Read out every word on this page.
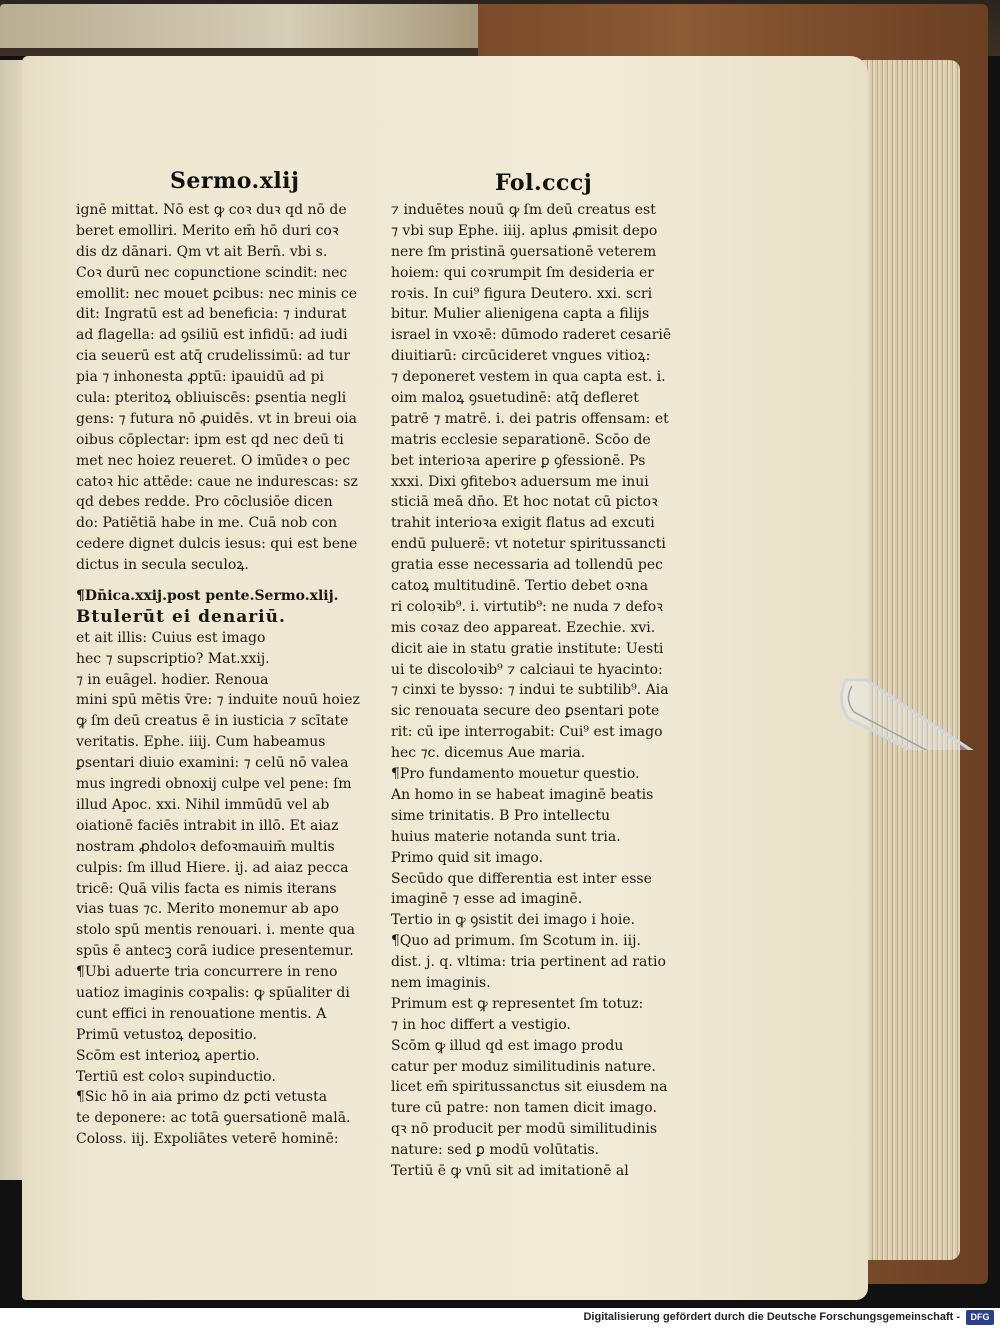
Sermo.xlij	Fol.cccj
ignē mittat. Nō est ꝙ coꝛ duꝛ qd nō de
beret emolliri. Merito em̄ hō duri coꝛ
dis dz dānari. Qm vt ait Bern̄. vbi s.
Coꝛ durū nec copunctione scindit: nec
emollit: nec mouet ꝑcibus: nec minis ce
dit: Ingratū est ad beneficia: ⁊ indurat
ad flagella: ad ꝯsiliū est infidū: ad iudi
cia seuerū est atq̄ crudelissimū: ad tur
pia ⁊ inhonesta ꝓptū: ipauidū ad pi
cula: pteritoꝝ obliuiscēs: ꝑsentia negli
gens: ⁊ futura nō ꝓuidēs. vt in breui oia
oibus cōplectar: ipm est qd nec deū ti
met nec hoiez reueret. O imūdeꝛ o pec
catoꝛ hic attēde: caue ne indurescas: sz
qd debes redde. Pro cōclusiōe dicen
do: Patiētiā habe in me. Cuā nob con
cedere dignet dulcis iesus: qui est bene
dictus in secula seculoꝝ.
¶Dn̄ica.xxij.post pente.Sermo.xlij.
Btulerūt ei denariū.
et ait illis: Cuius est imago
hec ⁊ supscriptio? Mat.xxij.
⁊ in euāgel. hodier. Renoua
mini spū mētis v̄re: ⁊ induite nouū hoiez
ꝙ ſm deū creatus ē in iusticia ⁊ scītate
veritatis. Ephe. iiij. Cum habeamus
ꝑsentari diuio examini: ⁊ celū nō valea
mus ingredi obnoxij culpe vel pene: ſm
illud Apoc. xxi. Nihil immūdū vel ab
oiationē faciēs intrabit in illō. Et aiaz
nostram ꝓhdoloꝛ defoꝛmauim̄ multis
culpis: ſm illud Hiere. ij. ad aiaz pecca
tricē: Quā vilis facta es nimis iterans
vias tuas ⁊c. Merito monemur ab apo
stolo spū mentis renouari. i. mente qua
spūs ē antecꝫ corā iudice presentemur.
¶Ubi aduerte tria concurrere in reno
uatioz imaginis coꝛpalis: ꝙ spūaliter di
cunt effici in renouatione mentis. A
Primū vetustoꝝ depositio.
Scōm est interioꝝ apertio.
Tertiū est coloꝛ supinductio.
¶Sic hō in aia primo dz ꝑcti vetusta
te deponere: ac totā ꝯuersationē malā.
Coloss. iij. Expoliātes veterē hominē:
⁊ induētes nouū ꝙ ſm deū creatus est
⁊ vbi sup Ephe. iiij. aplus ꝓmisit depo
nere ſm pristinā ꝯuersationē veterem
hoiem: qui coꝛrumpit ſm desideria er
roꝛis. In cui⁹ figura Deutero. xxi. scri
bitur. Mulier alienigena capta a filijs
israel in vxoꝛē: dūmodo raderet cesariē
diuitiarū: circūcideret vngues vitioꝝ:
⁊ deponeret vestem in qua capta est. i.
oim maloꝝ ꝯsuetudinē: atq̄ defleret
patrē ⁊ matrē. i. dei patris offensam: et
matris ecclesie separationē. Scōo de
bet interioꝛa aperire ꝑ ꝯfessionē. Ps
xxxi. Dixi ꝯfiteboꝛ aduersum me inui
sticiā meā dn̄o. Et hoc notat cū pictoꝛ
trahit interioꝛa exigit flatus ad excuti
endū puluerē: vt notetur spiritussancti
gratia esse necessaria ad tollendū pec
catoꝝ multitudinē. Tertio debet oꝛna
ri coloꝛib⁹. i. virtutib⁹: ne nuda ⁊ defoꝛ
mis coꝛaz deo appareat. Ezechie. xvi.
dicit aie in statu gratie institute: Uesti
ui te discoloꝛib⁹ ⁊ calciaui te hyacinto:
⁊ cinxi te bysso: ⁊ indui te subtilib⁹. Aia
sic renouata secure deo ꝑsentari pote
rit: cū ipe interrogabit: Cui⁹ est imago
hec ⁊c. dicemus Aue maria.
¶Pro fundamento mouetur questio.
An homo in se habeat imaginē beatis
sime trinitatis. B Pro intellectu
huius materie notanda sunt tria.
Primo quid sit imago.
Secūdo que differentia est inter esse
imaginē ⁊ esse ad imaginē.
Tertio in ꝙ ꝯsistit dei imago i hoie.
¶Quo ad primum. ſm Scotum in. iij.
dist. j. q. vltima: tria pertinent ad ratio
nem imaginis.
Primum est ꝙ representet ſm totuz:
⁊ in hoc differt a vestigio.
Scōm ꝙ illud qd est imago produ
catur per moduz similitudinis nature.
licet em̄ spiritussanctus sit eiusdem na
ture cū patre: non tamen dicit imago.
qꝛ nō producit per modū similitudinis
nature: sed ꝑ modū volūtatis.
Tertiū ē ꝙ vnū sit ad imitationē al
Digitalisierung gefördert durch die Deutsche Forschungsgemeinschaft -	DFG
